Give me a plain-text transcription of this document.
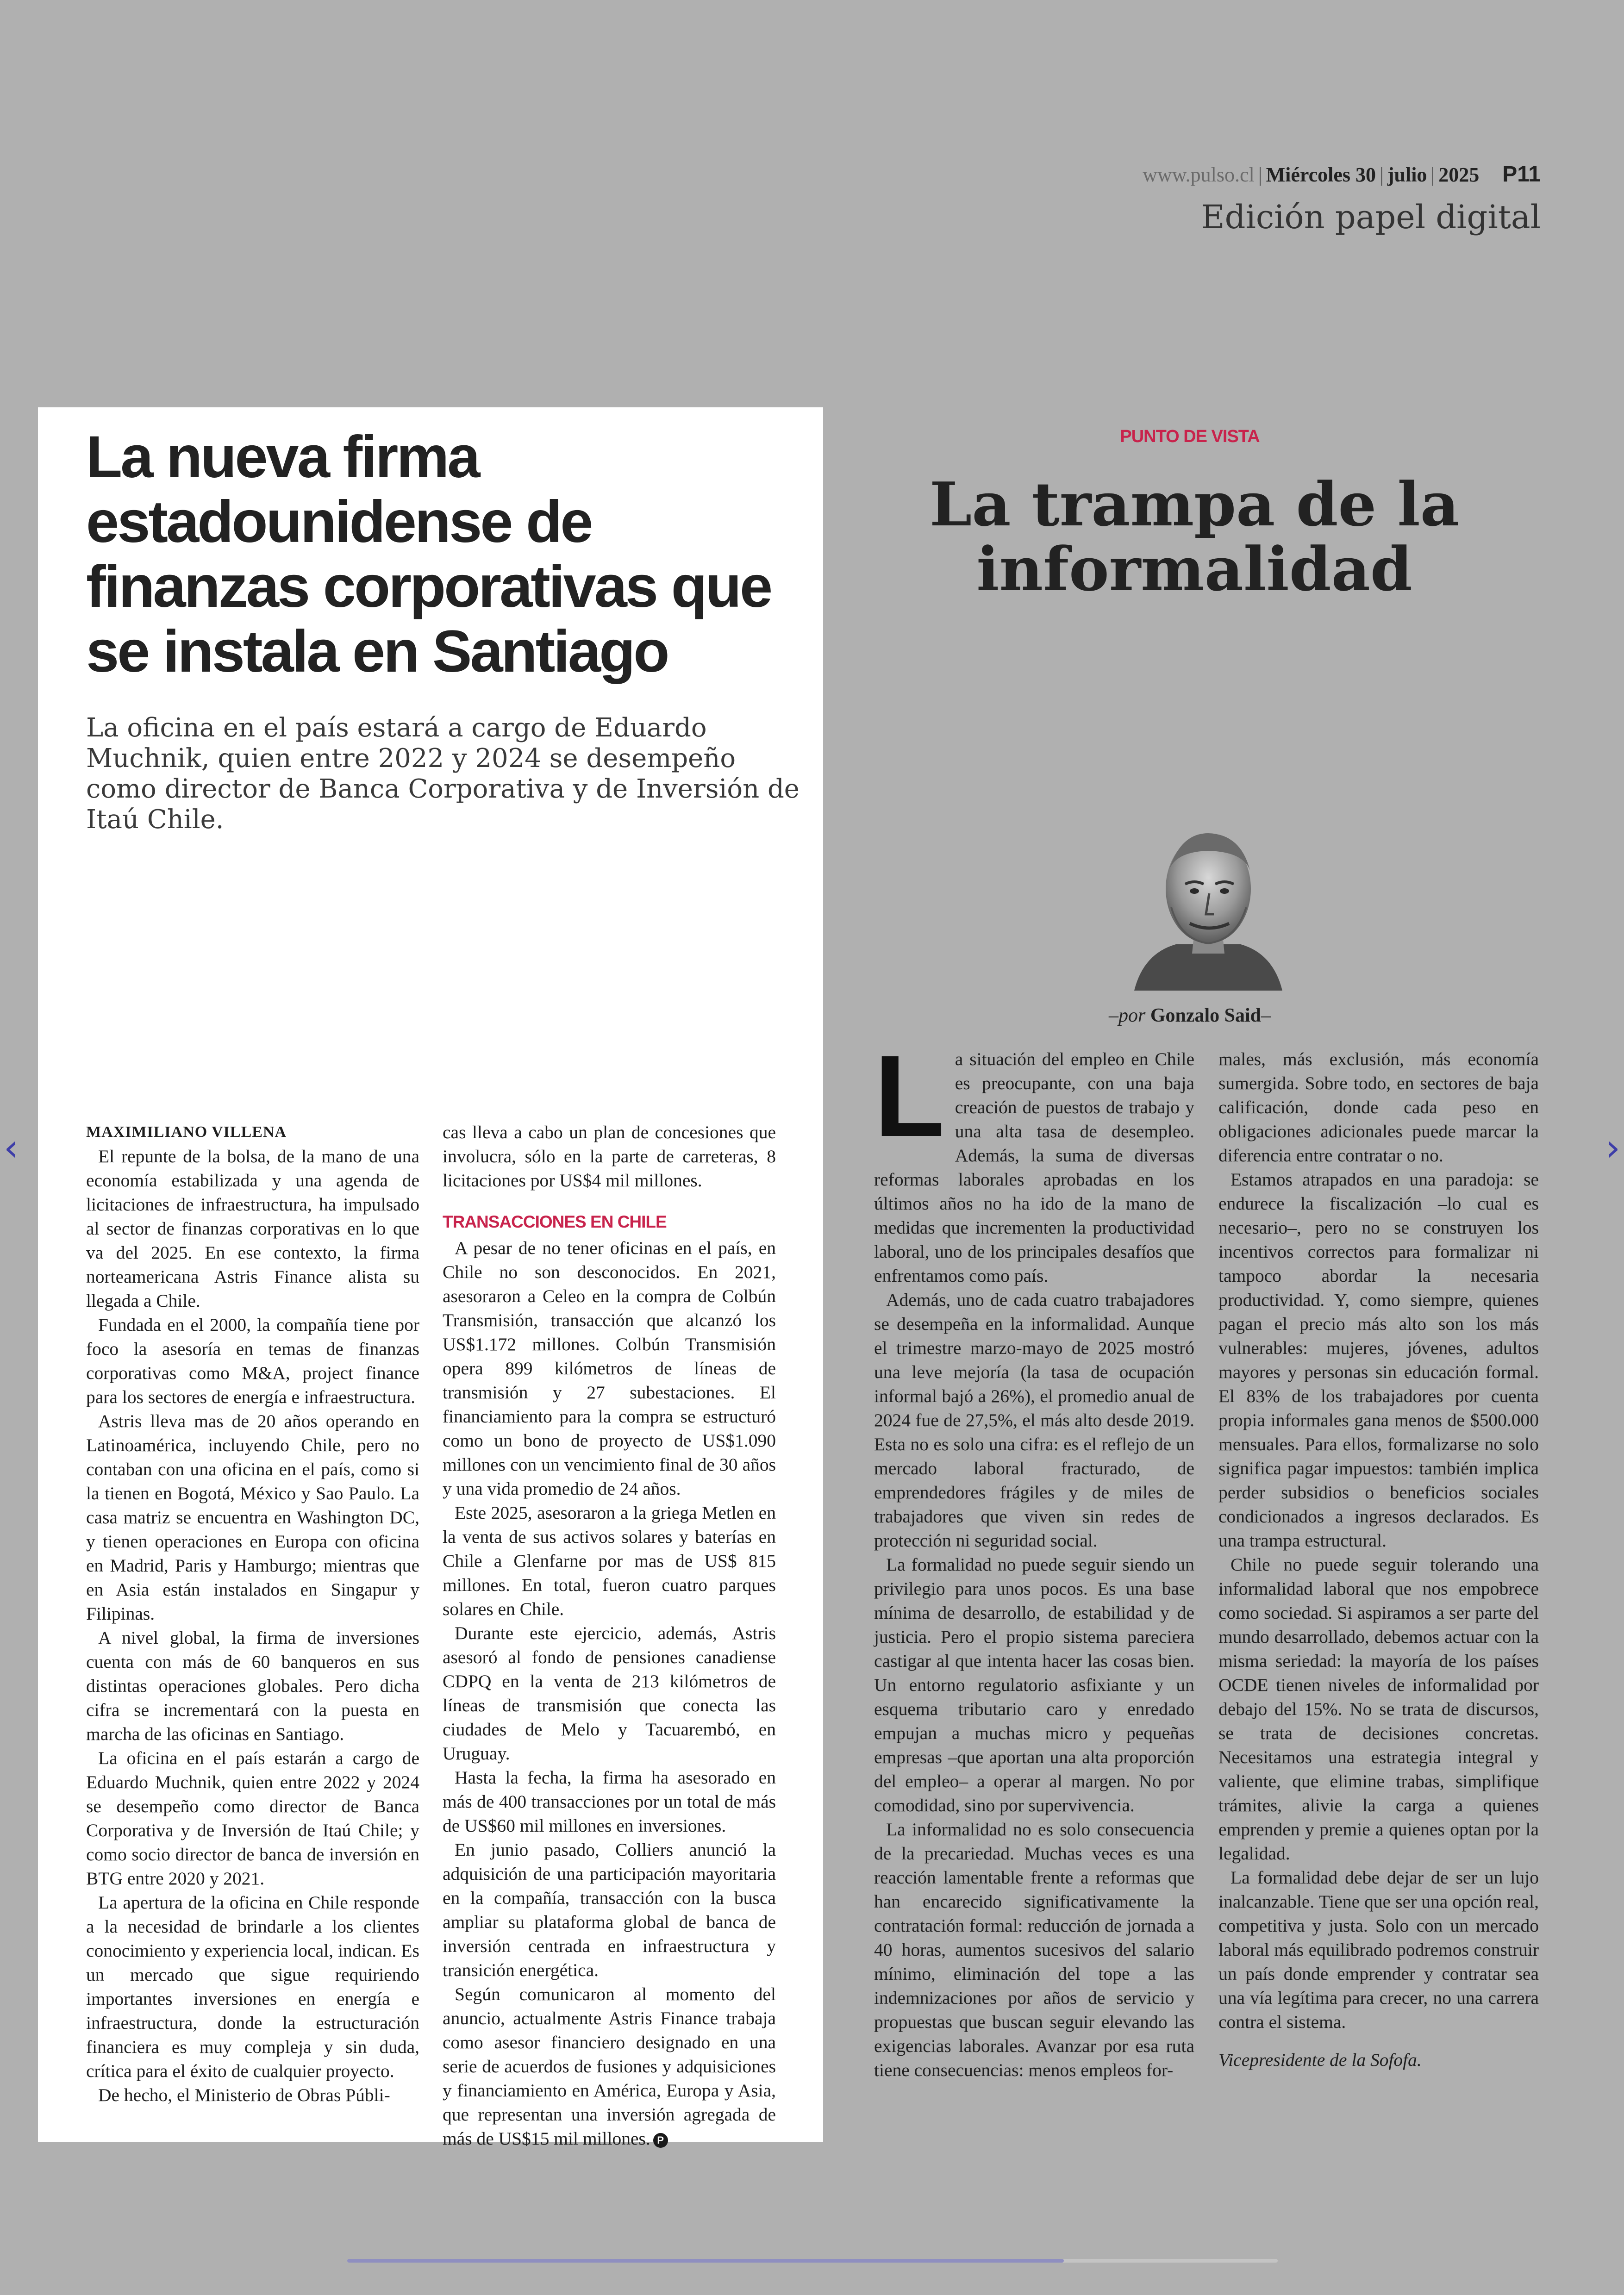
www.pulso.cl | Miércoles 30 | julio | 2025 P11
Edición papel digital
La nueva firma estadounidense de finanzas corporativas que se instala en Santiago

La oficina en el país estará a cargo de Eduardo Muchnik, quien entre 2022 y 2024 se desempeño como director de Banca Corporativa y de Inversión de Itaú Chile.

MAXIMILIANO VILLENA

El repunte de la bolsa, de la mano de una economía estabilizada y una agenda de licitaciones de infraestructura, ha impulsado al sector de finanzas corporativas en lo que va del 2025. En ese contexto, la firma norteamericana Astris Finance alista su llegada a Chile.

Fundada en el 2000, la compañía tiene por foco la asesoría en temas de finanzas corporativas como M&A, project finance para los sectores de energía e infraestructura.

Astris lleva mas de 20 años operando en Latinoamérica, incluyendo Chile, pero no contaban con una oficina en el país, como si la tienen en Bogotá, México y Sao Paulo. La casa matriz se encuentra en Washington DC, y tienen operaciones en Europa con oficina en Madrid, Paris y Hamburgo; mientras que en Asia están instalados en Singapur y Filipinas.

A nivel global, la firma de inversiones cuenta con más de 60 banqueros en sus distintas operaciones globales. Pero dicha cifra se incrementará con la puesta en marcha de las oficinas en Santiago.

La oficina en el país estarán a cargo de Eduardo Muchnik, quien entre 2022 y 2024 se desempeño como director de Banca Corporativa y de Inversión de Itaú Chile; y como socio director de banca de inversión en BTG entre 2020 y 2021.

La apertura de la oficina en Chile responde a la necesidad de brindarle a los clientes conocimiento y experiencia local, indican. Es un mercado que sigue requiriendo importantes inversiones en energía e infraestructura, donde la estructuración financiera es muy compleja y sin duda, crítica para el éxito de cualquier proyecto.

De hecho, el Ministerio de Obras Públi-

cas lleva a cabo un plan de concesiones que involucra, sólo en la parte de carreteras, 8 licitaciones por US$4 mil millones.

TRANSACCIONES EN CHILE

A pesar de no tener oficinas en el país, en Chile no son desconocidos. En 2021, asesoraron a Celeo en la compra de Colbún Transmisión, transacción que alcanzó los US$1.172 millones. Colbún Transmisión opera 899 kilómetros de líneas de transmisión y 27 subestaciones. El financiamiento para la compra se estructuró como un bono de proyecto de US$1.090 millones con un vencimiento final de 30 años y una vida promedio de 24 años.

Este 2025, asesoraron a la griega Metlen en la venta de sus activos solares y baterías en Chile a Glenfarne por mas de US$ 815 millones. En total, fueron cuatro parques solares en Chile.

Durante este ejercicio, además, Astris asesoró al fondo de pensiones canadiense CDPQ en la venta de 213 kilómetros de líneas de transmisión que conecta las ciudades de Melo y Tacuarembó, en Uruguay.

Hasta la fecha, la firma ha asesorado en más de 400 transacciones por un total de más de US$60 mil millones en inversiones.

En junio pasado, Colliers anunció la adquisición de una participación mayoritaria en la compañía, transacción con la busca ampliar su plataforma global de banca de inversión centrada en infraestructura y transición energética.

Según comunicaron al momento del anuncio, actualmente Astris Finance trabaja como asesor financiero designado en una serie de acuerdos de fusiones y adquisiciones y financiamiento en América, Europa y Asia, que representan una inversión agregada de más de US$15 mil millones. P

PUNTO DE VISTA
La trampa de la informalidad
–por Gonzalo Said–

La situación del empleo en Chile es preocupante, con una baja creación de puestos de trabajo y una alta tasa de desempleo. Además, la suma de diversas reformas laborales aprobadas en los últimos años no ha ido de la mano de medidas que incrementen la productividad laboral, uno de los principales desafíos que enfrentamos como país.

Además, uno de cada cuatro trabajadores se desempeña en la informalidad. Aunque el trimestre marzo-mayo de 2025 mostró una leve mejoría (la tasa de ocupación informal bajó a 26%), el promedio anual de 2024 fue de 27,5%, el más alto desde 2019. Esta no es solo una cifra: es el reflejo de un mercado laboral fracturado, de emprendedores frágiles y de miles de trabajadores que viven sin redes de protección ni seguridad social.

La formalidad no puede seguir siendo un privilegio para unos pocos. Es una base mínima de desarrollo, de estabilidad y de justicia. Pero el propio sistema pareciera castigar al que intenta hacer las cosas bien. Un entorno regulatorio asfixiante y un esquema tributario caro y enredado empujan a muchas micro y pequeñas empresas –que aportan una alta proporción del empleo– a operar al margen. No por comodidad, sino por supervivencia.

La informalidad no es solo consecuencia de la precariedad. Muchas veces es una reacción lamentable frente a reformas que han encarecido significativamente la contratación formal: reducción de jornada a 40 horas, aumentos sucesivos del salario mínimo, eliminación del tope a las indemnizaciones por años de servicio y propuestas que buscan seguir elevando las exigencias laborales. Avanzar por esa ruta tiene consecuencias: menos empleos for-

males, más exclusión, más economía sumergida. Sobre todo, en sectores de baja calificación, donde cada peso en obligaciones adicionales puede marcar la diferencia entre contratar o no.

Estamos atrapados en una paradoja: se endurece la fiscalización –lo cual es necesario–, pero no se construyen los incentivos correctos para formalizar ni tampoco abordar la necesaria productividad. Y, como siempre, quienes pagan el precio más alto son los más vulnerables: mujeres, jóvenes, adultos mayores y personas sin educación formal. El 83% de los trabajadores por cuenta propia informales gana menos de $500.000 mensuales. Para ellos, formalizarse no solo significa pagar impuestos: también implica perder subsidios o beneficios sociales condicionados a ingresos declarados. Es una trampa estructural.

Chile no puede seguir tolerando una informalidad laboral que nos empobrece como sociedad. Si aspiramos a ser parte del mundo desarrollado, debemos actuar con la misma seriedad: la mayoría de los países OCDE tienen niveles de informalidad por debajo del 15%. No se trata de discursos, se trata de decisiones concretas. Necesitamos una estrategia integral y valiente, que elimine trabas, simplifique trámites, alivie la carga a quienes emprenden y premie a quienes optan por la legalidad.

La formalidad debe dejar de ser un lujo inalcanzable. Tiene que ser una opción real, competitiva y justa. Solo con un mercado laboral más equilibrado podremos construir un país donde emprender y contratar sea una vía legítima para crecer, no una carrera contra el sistema.

Vicepresidente de la Sofofa.

‹	›
